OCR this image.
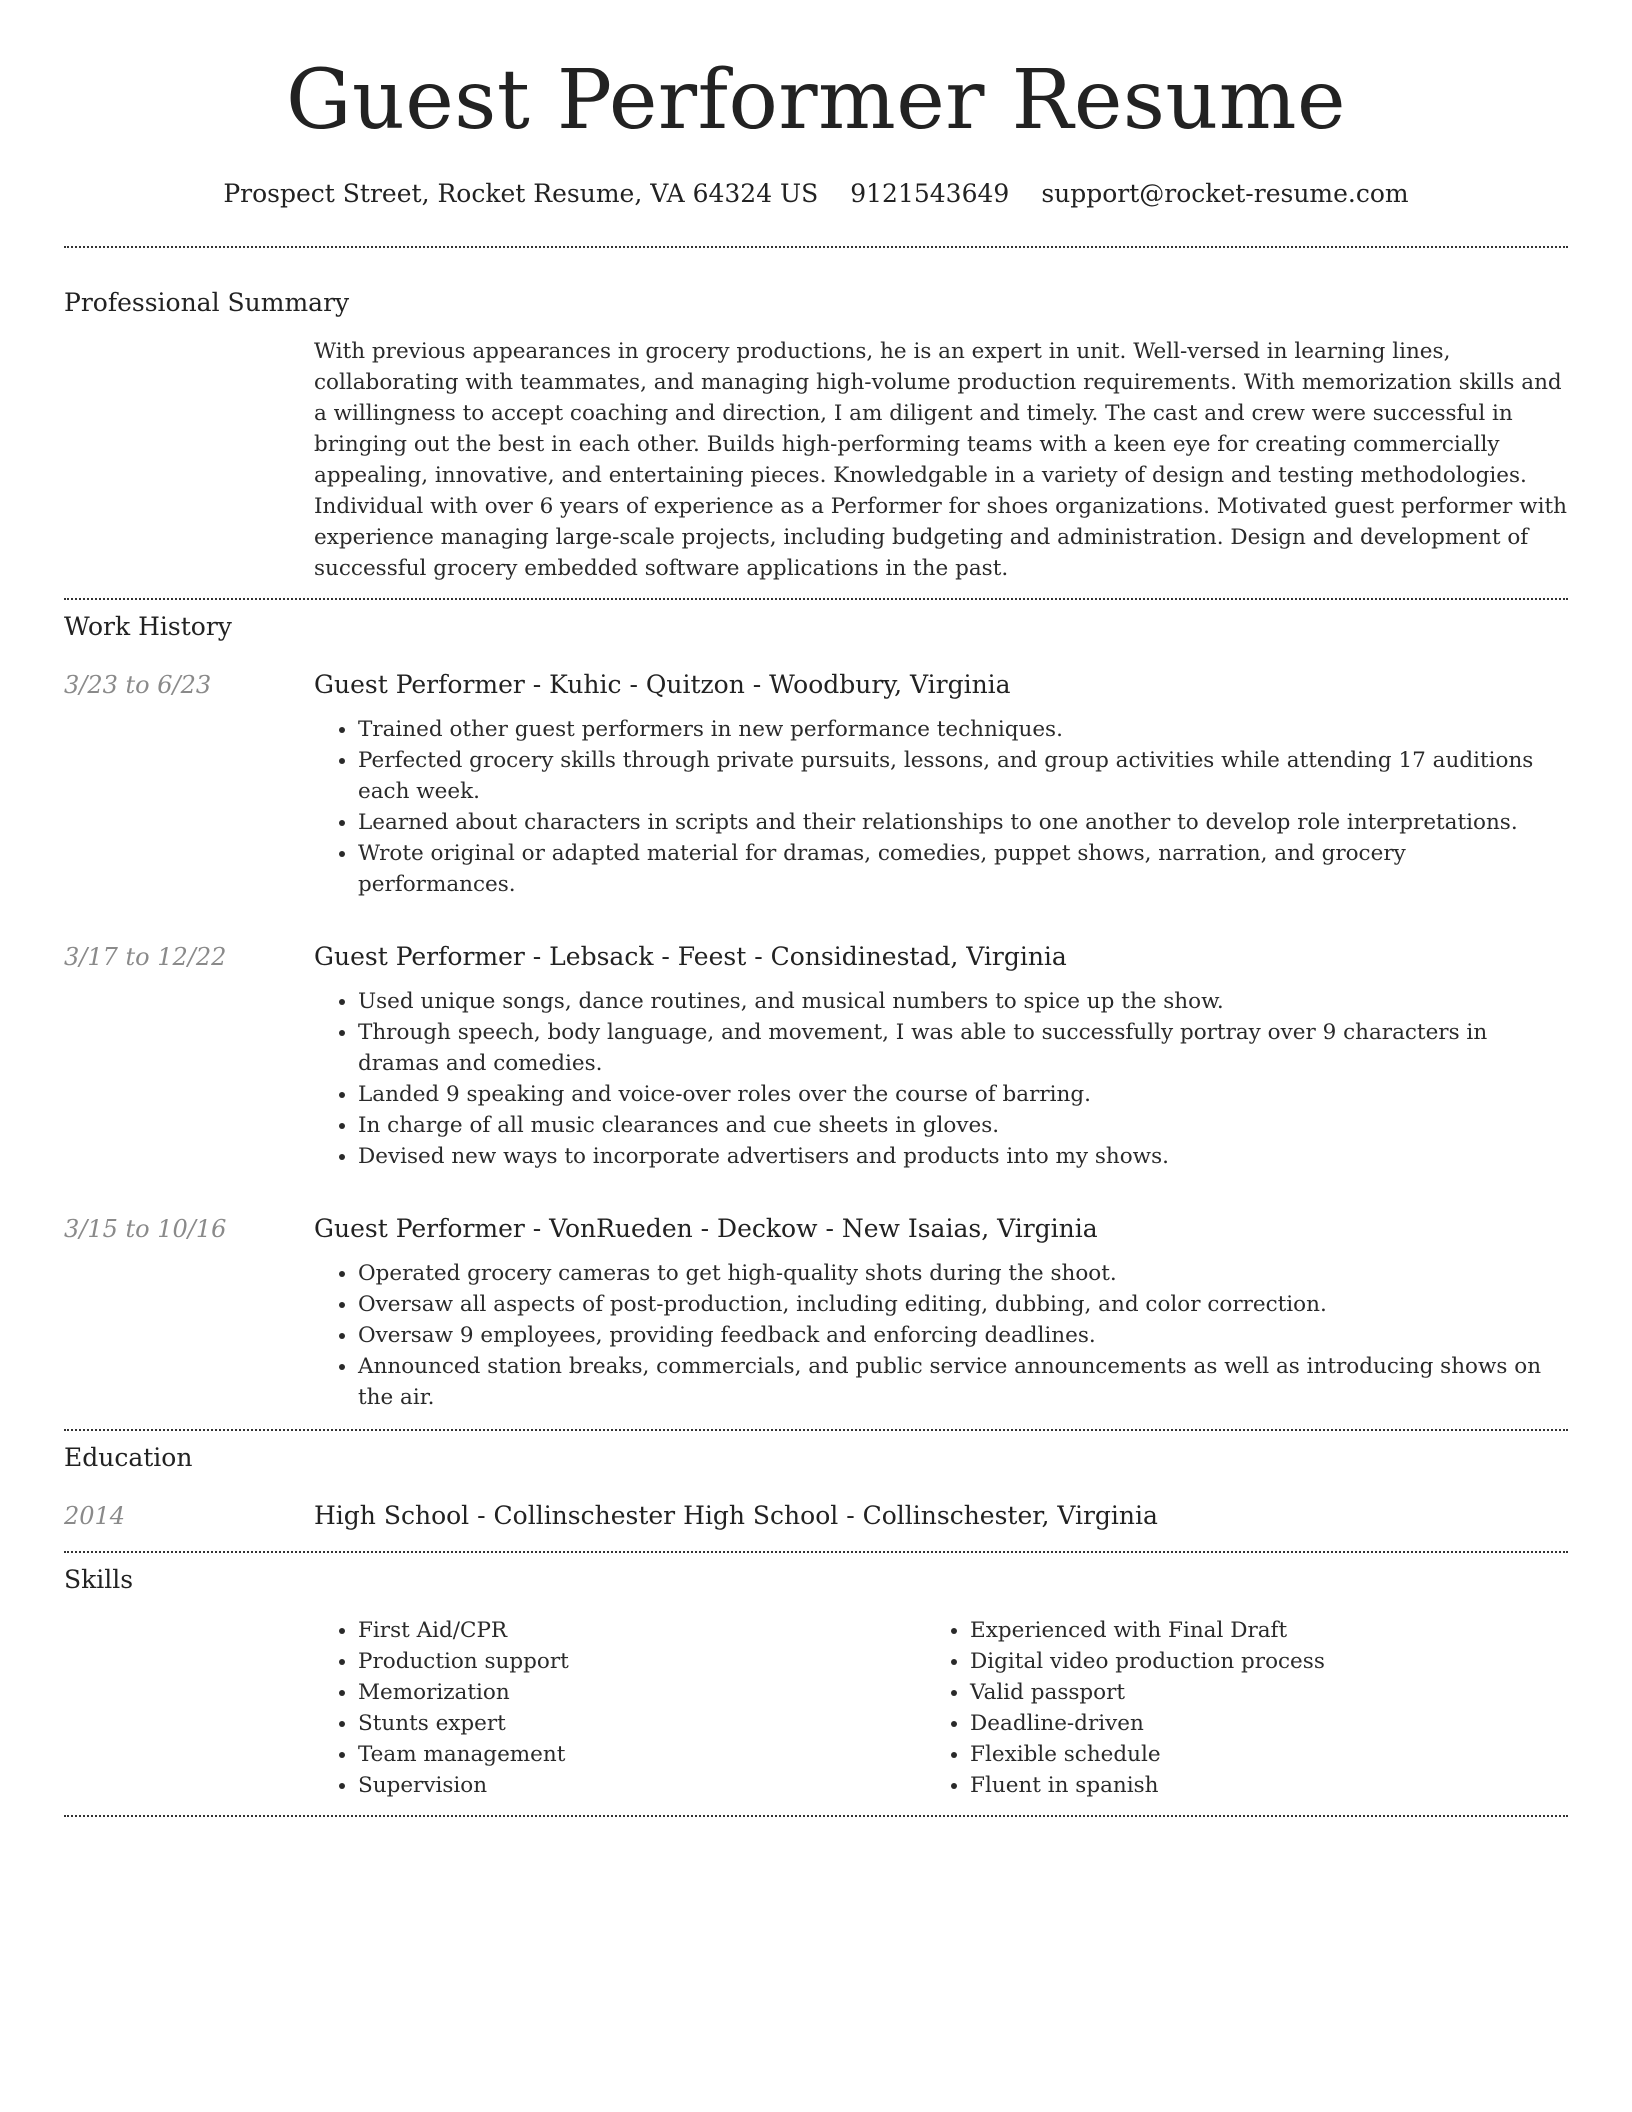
Guest Performer Resume
Prospect Street, Rocket Resume, VA 64324 US 9121543649 support@rocket-resume.com
Professional Summary

With previous appearances in grocery productions, he is an expert in unit. Well-versed in learning lines, collaborating with teammates, and managing high-volume production requirements. With memorization skills and a willingness to accept coaching and direction, I am diligent and timely. The cast and crew were successful in bringing out the best in each other. Builds high-performing teams with a keen eye for creating commercially appealing, innovative, and entertaining pieces. Knowledgable in a variety of design and testing methodologies. Individual with over 6 years of experience as a Performer for shoes organizations. Motivated guest performer with experience managing large-scale projects, including budgeting and administration. Design and development of successful grocery embedded software applications in the past.

Work History
3/23 to 6/23	Guest Performer - Kuhic - Quitzon - Woodbury, Virginia

• Trained other guest performers in new performance techniques.
• Perfected grocery skills through private pursuits, lessons, and group activities while attending 17 auditions each week.
• Learned about characters in scripts and their relationships to one another to develop role interpretations.
• Wrote original or adapted material for dramas, comedies, puppet shows, narration, and grocery performances.
3/17 to 12/22	Guest Performer - Lebsack - Feest - Considinestad, Virginia

• Used unique songs, dance routines, and musical numbers to spice up the show.
• Through speech, body language, and movement, I was able to successfully portray over 9 characters in dramas and comedies.
• Landed 9 speaking and voice-over roles over the course of barring.
• In charge of all music clearances and cue sheets in gloves.
• Devised new ways to incorporate advertisers and products into my shows.
3/15 to 10/16	Guest Performer - VonRueden - Deckow - New Isaias, Virginia

• Operated grocery cameras to get high-quality shots during the shoot.
• Oversaw all aspects of post-production, including editing, dubbing, and color correction.
• Oversaw 9 employees, providing feedback and enforcing deadlines.
• Announced station breaks, commercials, and public service announcements as well as introducing shows on the air.
Education
2014	High School - Collinschester High School - Collinschester, Virginia

Skills
• First Aid/CPR
• Production support
• Memorization
• Stunts expert
• Team management
• Supervision
• Experienced with Final Draft
• Digital video production process
• Valid passport
• Deadline-driven
• Flexible schedule
• Fluent in spanish
